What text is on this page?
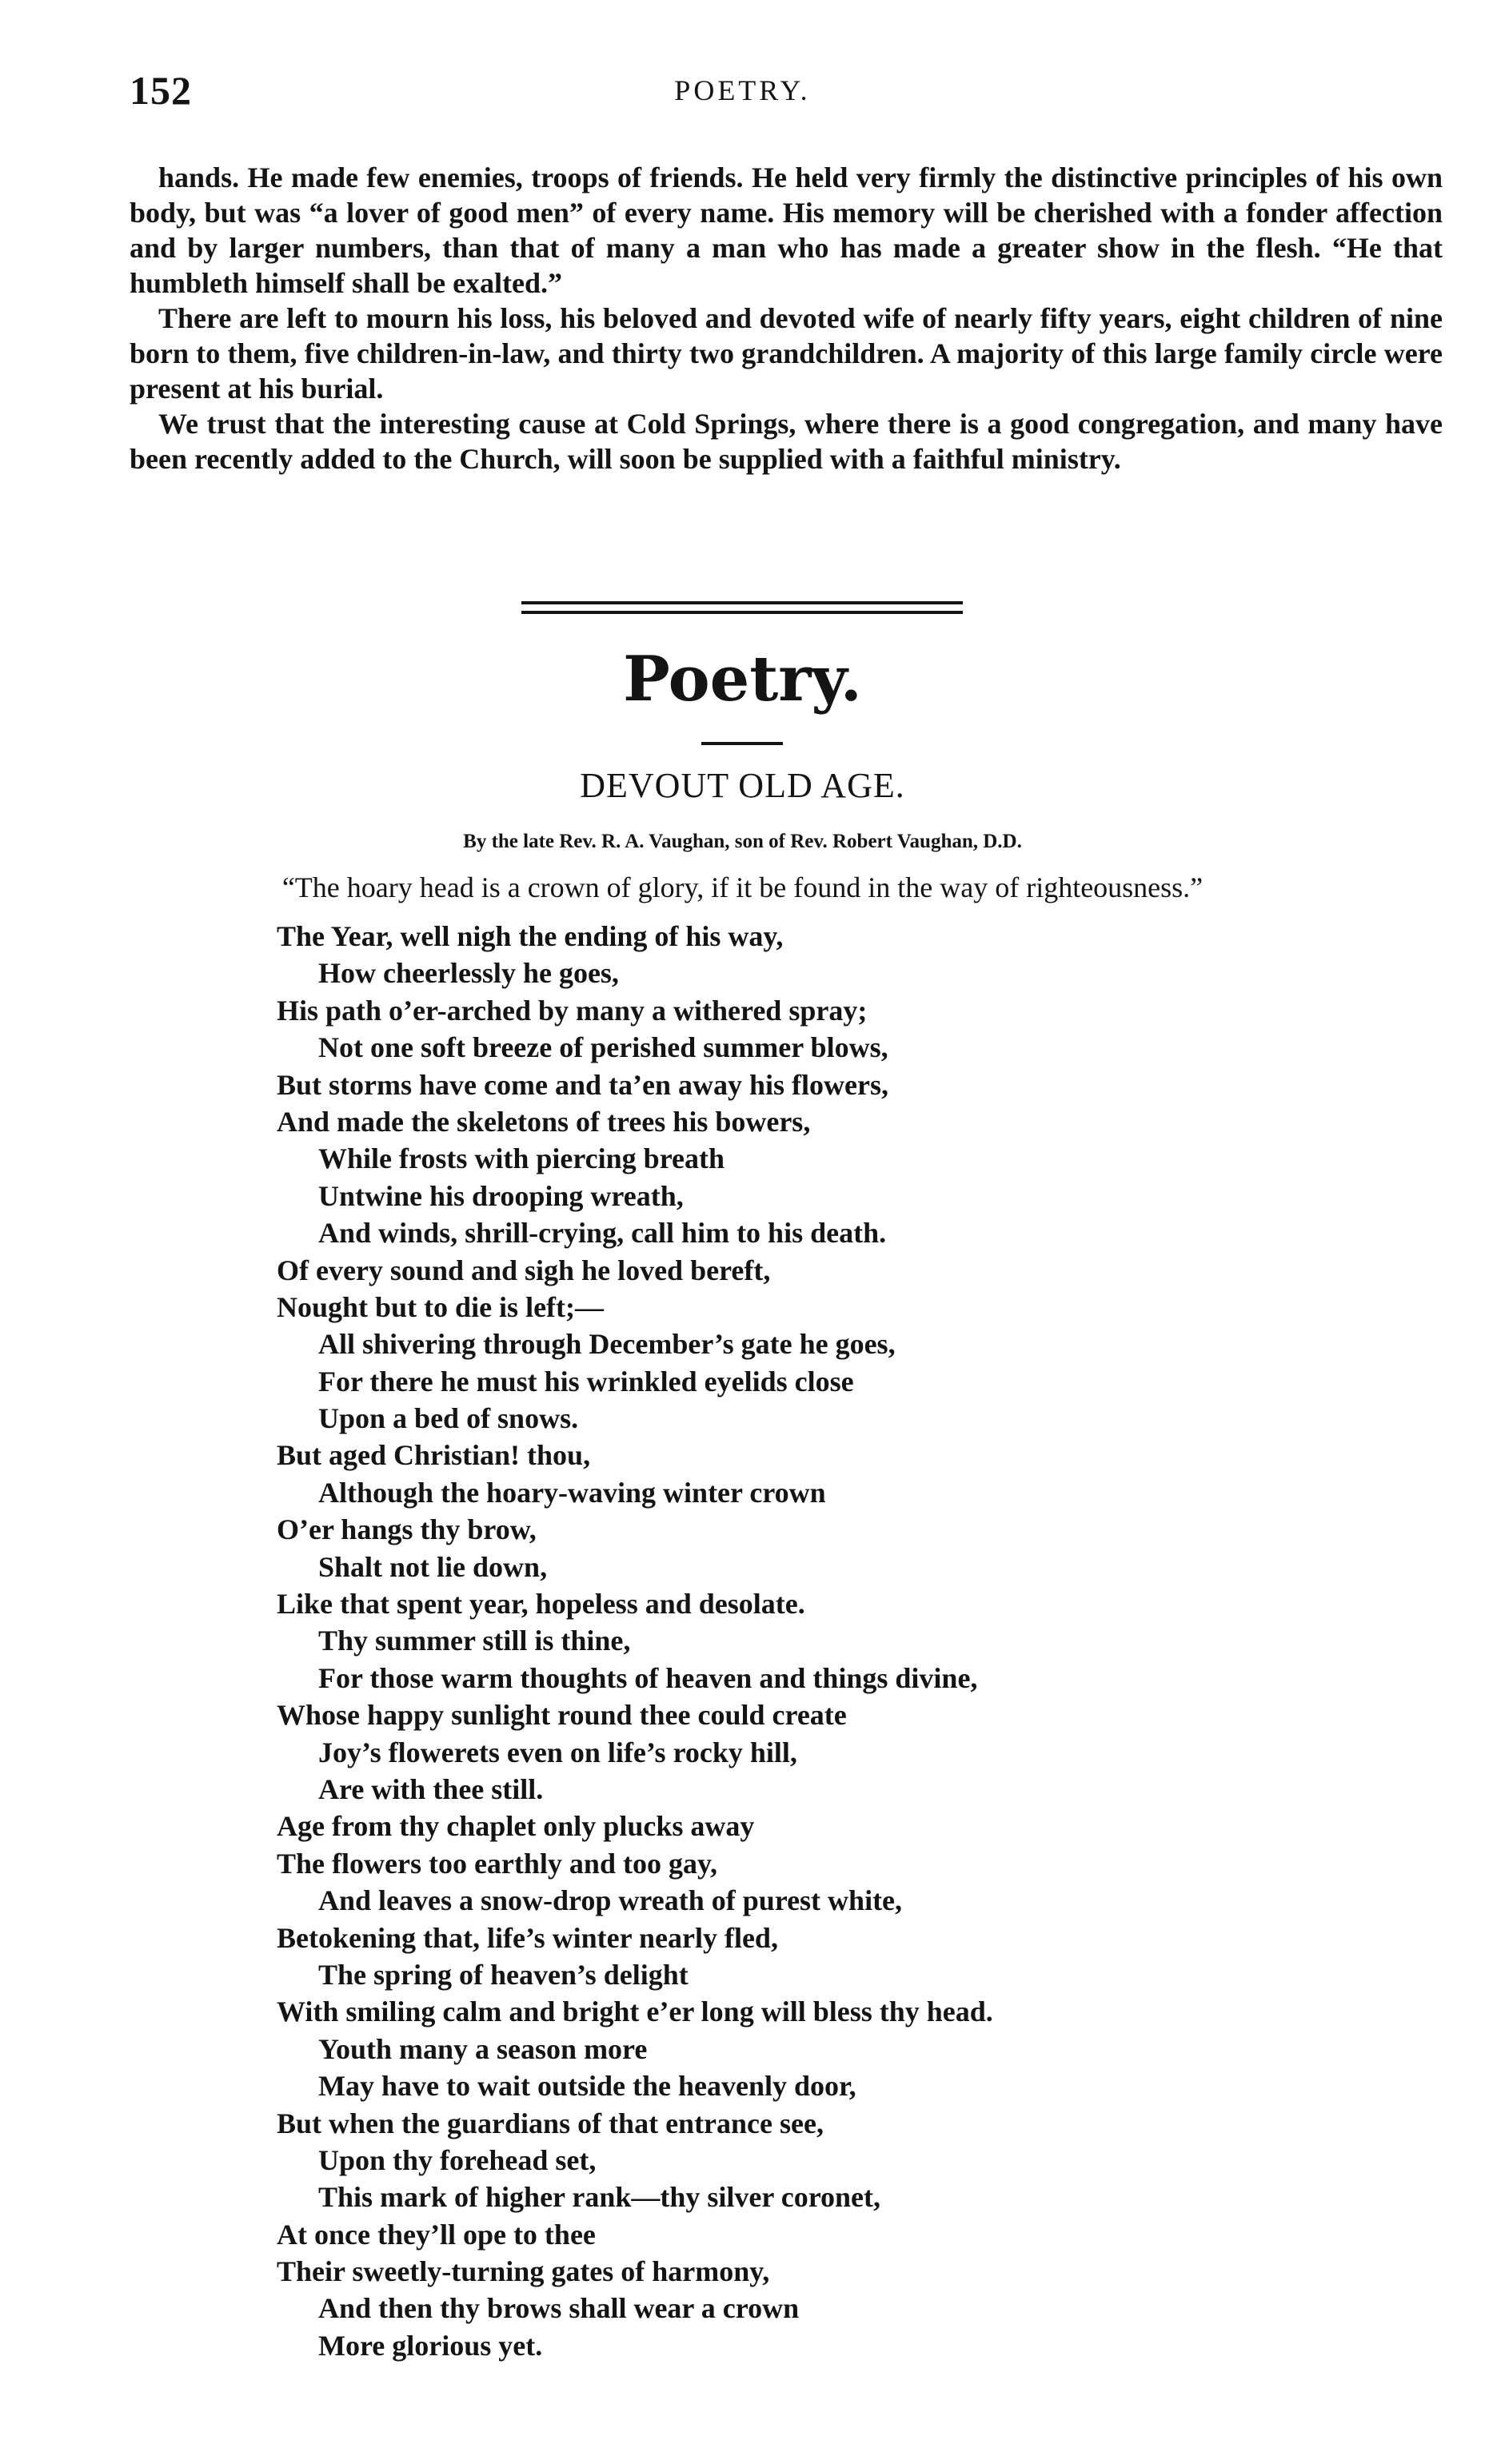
152	POETRY.

hands. He made few enemies, troops of friends. He held very firmly the distinctive principles of his own body, but was “a lover of good men” of every name. His memory will be cherished with a fonder affection and by larger numbers, than that of many a man who has made a greater show in the flesh. “He that humbleth himself shall be exalted.”

There are left to mourn his loss, his beloved and devoted wife of nearly fifty years, eight children of nine born to them, five children-in-law, and thirty two grandchildren. A majority of this large family circle were present at his burial.

We trust that the interesting cause at Cold Springs, where there is a good congregation, and many have been recently added to the Church, will soon be supplied with a faithful ministry.

Poetry.
DEVOUT OLD AGE.
By the late Rev. R. A. Vaughan, son of Rev. Robert Vaughan, D.D.
“The hoary head is a crown of glory, if it be found in the way of righteousness.”
The Year, well nigh the ending of his way,
How cheerlessly he goes,
His path o’er-arched by many a withered spray;
Not one soft breeze of perished summer blows,
But storms have come and ta’en away his flowers,
And made the skeletons of trees his bowers,
While frosts with piercing breath
Untwine his drooping wreath,
And winds, shrill-crying, call him to his death.
Of every sound and sigh he loved bereft,
Nought but to die is left;—
All shivering through December’s gate he goes,
For there he must his wrinkled eyelids close
Upon a bed of snows.
But aged Christian! thou,
Although the hoary-waving winter crown
O’er hangs thy brow,
Shalt not lie down,
Like that spent year, hopeless and desolate.
Thy summer still is thine,
For those warm thoughts of heaven and things divine,
Whose happy sunlight round thee could create
Joy’s flowerets even on life’s rocky hill,
Are with thee still.
Age from thy chaplet only plucks away
The flowers too earthly and too gay,
And leaves a snow-drop wreath of purest white,
Betokening that, life’s winter nearly fled,
The spring of heaven’s delight
With smiling calm and bright e’er long will bless thy head.
Youth many a season more
May have to wait outside the heavenly door,
But when the guardians of that entrance see,
Upon thy forehead set,
This mark of higher rank—thy silver coronet,
At once they’ll ope to thee
Their sweetly-turning gates of harmony,
And then thy brows shall wear a crown
More glorious yet.
